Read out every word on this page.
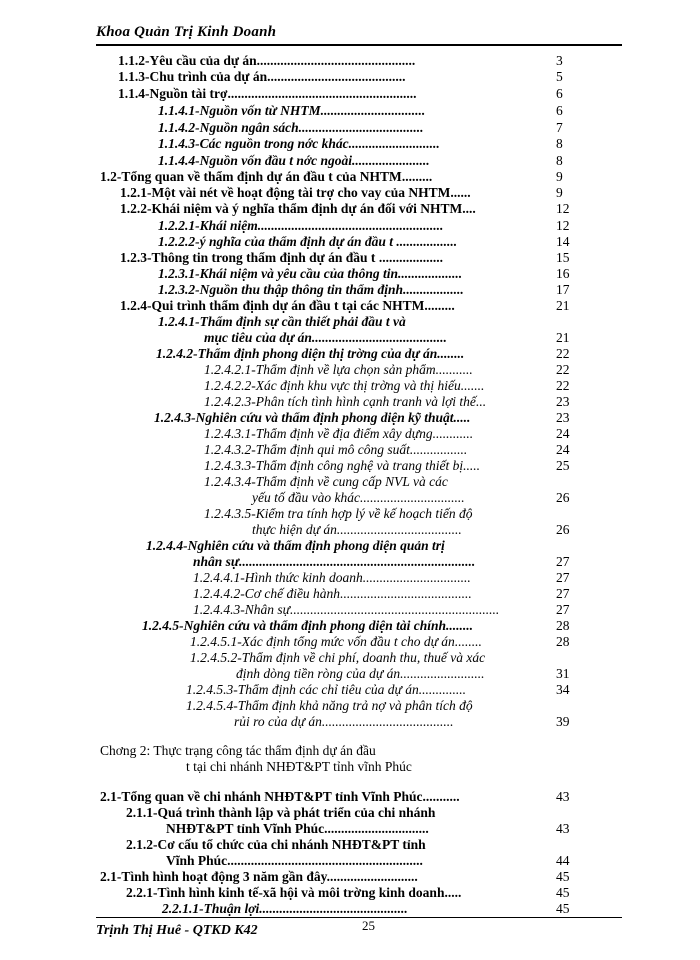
Khoa Quản Trị Kinh Doanh
1.1.2-Yêu cầu của dự án...............................................	3
1.1.3-Chu trình của dự án.........................................	5
1.1.4-Nguồn tài trợ........................................................	6
1.1.4.1-Nguồn vốn từ NHTM...............................	6
1.1.4.2-Nguồn ngân sách.....................................	7
1.1.4.3-Các nguồn trong nớc khác...........................	8
1.1.4.4-Nguồn vốn đầu t nớc ngoài.......................	8
1.2-Tổng quan về thẩm định dự án đầu t của NHTM.........	9
1.2.1-Một vài nét về hoạt động tài trợ cho vay của NHTM......	9
1.2.2-Khái niệm và ý nghĩa thẩm định dự án đối với NHTM....	12
1.2.2.1-Khái niệm.......................................................	12
1.2.2.2-ý nghĩa của thẩm định dự án đầu t ..................	14
1.2.3-Thông tin trong thẩm định dự án đầu t ...................	15
1.2.3.1-Khái niệm và yêu cầu của thông tin...................	16
1.2.3.2-Nguồn thu thập thông tin thẩm định..................	17
1.2.4-Qui trình thẩm định dự án đầu t tại các NHTM.........	21
1.2.4.1-Thẩm định sự cần thiết phải đầu t và
mục tiêu của dự án........................................	21
1.2.4.2-Thẩm định phong diện thị trờng của dự án........	22
1.2.4.2.1-Thẩm định về lựa chọn sản phẩm...........	22
1.2.4.2.2-Xác định khu vực thị trờng và thị hiếu.......	22
1.2.4.2.3-Phân tích tình hình cạnh tranh và lợi thế...	23
1.2.4.3-Nghiên cứu và thẩm định phong diện kỹ thuật.....	23
1.2.4.3.1-Thẩm định về địa điểm xây dựng............	24
1.2.4.3.2-Thẩm định qui mô công suất.................	24
1.2.4.3.3-Thẩm định công nghệ và trang thiết bị.....	25
1.2.4.3.4-Thẩm định về cung cấp NVL và các
yếu tố đầu vào khác...............................	26
1.2.4.3.5-Kiểm tra tính hợp lý về kế hoạch tiến độ
thực hiện dự án.....................................	26
1.2.4.4-Nghiên cứu và thẩm định phong diện quản trị
nhân sự......................................................................	27
1.2.4.4.1-Hình thức kinh doanh................................	27
1.2.4.4.2-Cơ chế điều hành.......................................	27
1.2.4.4.3-Nhân sự..............................................................	27
1.2.4.5-Nghiên cứu và thẩm định phong diện tài chính........	28
1.2.4.5.1-Xác định tổng mức vốn đầu t cho dự án........	28
1.2.4.5.2-Thẩm định về chi phí, doanh thu, thuế và xác
định dòng tiền ròng của dự án.........................	31
1.2.4.5.3-Thẩm định các chỉ tiêu của dự án..............	34
1.2.4.5.4-Thẩm định khả năng trả nợ và phân tích độ
rủi ro của dự án.......................................	39
Chơng 2: Thực trạng công tác thẩm định dự án đầu
t tại chi nhánh NHĐT&PT tỉnh vĩnh Phúc
2.1-Tổng quan về chi nhánh NHĐT&PT tỉnh Vĩnh Phúc...........	43
2.1.1-Quá trình thành lập và phát triển của chi nhánh
NHĐT&PT tỉnh Vĩnh Phúc...............................	43
2.1.2-Cơ cấu tổ chức của chi nhánh NHĐT&PT tỉnh
Vĩnh Phúc..........................................................	44
2.1-Tình hình hoạt động 3 năm gần đây...........................	45
2.2.1-Tình hình kinh tế-xã hội và môi trờng kinh doanh.....	45
2.2.1.1-Thuận lợi............................................	45
Trịnh Thị Huê - QTKD K42	25
